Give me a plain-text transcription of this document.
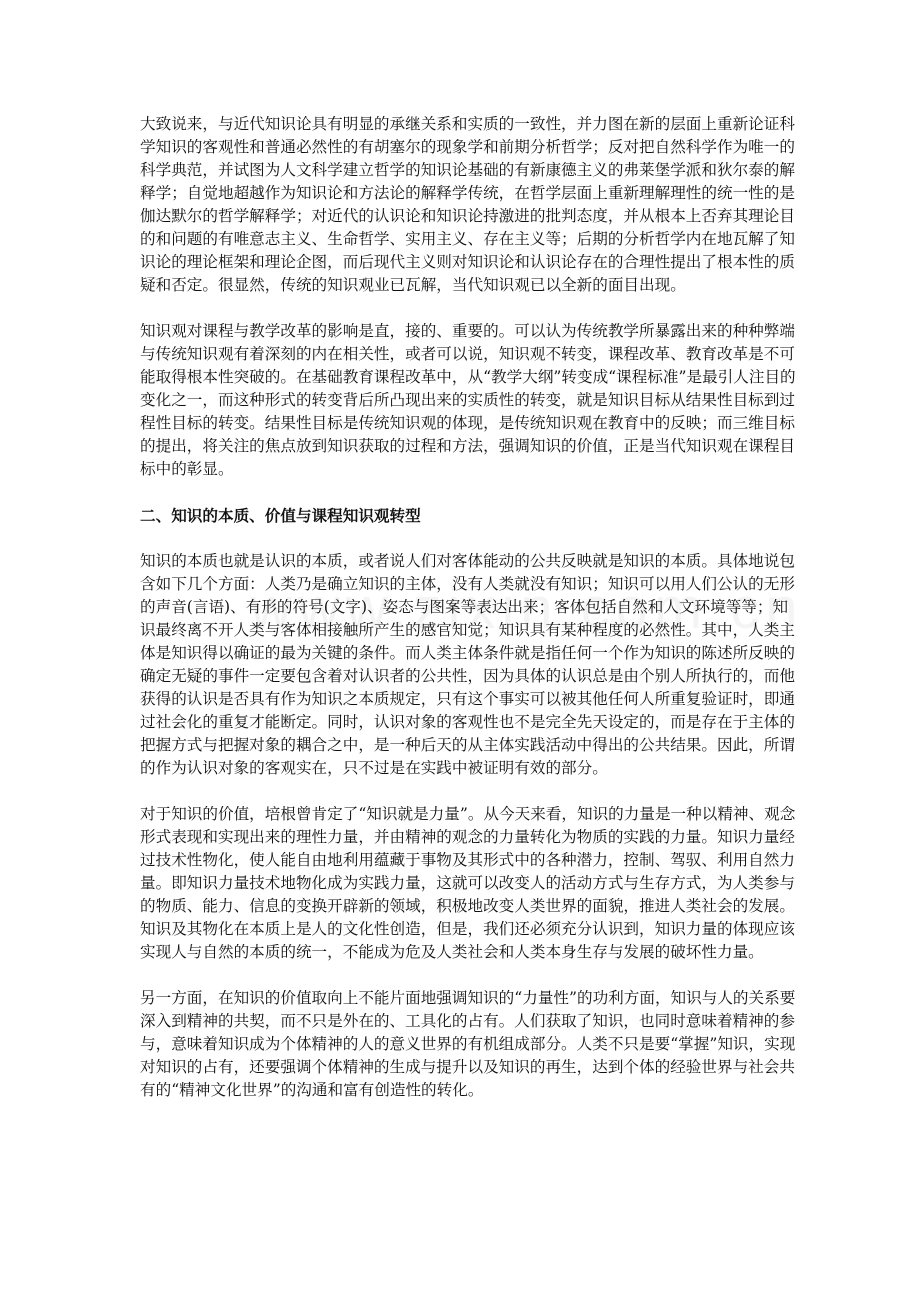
大致说来，与近代知识论具有明显的承继关系和实质的一致性，并力图在新的层面上重新论证科
学知识的客观性和普通必然性的有胡塞尔的现象学和前期分析哲学；反对把自然科学作为唯一的
科学典范，并试图为人文科学建立哲学的知识论基础的有新康德主义的弗莱堡学派和狄尔泰的解
释学；自觉地超越作为知识论和方法论的解释学传统，在哲学层面上重新理解理性的统一性的是
伽达默尔的哲学解释学；对近代的认识论和知识论持激进的批判态度，并从根本上否弃其理论目
的和问题的有唯意志主义、生命哲学、实用主义、存在主义等；后期的分析哲学内在地瓦解了知
识论的理论框架和理论企图，而后现代主义则对知识论和认识论存在的合理性提出了根本性的质
疑和否定。很显然，传统的知识观业已瓦解，当代知识观已以全新的面目出现。
知识观对课程与教学改革的影响是直，接的、重要的。可以认为传统教学所暴露出来的种种弊端
与传统知识观有着深刻的内在相关性，或者可以说，知识观不转变，课程改革、教育改革是不可
能取得根本性突破的。在基础教育课程改革中，从“教学大纲”转变成“课程标准”是最引人注目的
变化之一，而这种形式的转变背后所凸现出来的实质性的转变，就是知识目标从结果性目标到过
程性目标的转变。结果性目标是传统知识观的体现，是传统知识观在教育中的反映；而三维目标
的提出，将关注的焦点放到知识获取的过程和方法，强调知识的价值，正是当代知识观在课程目
标中的彰显。
二、知识的本质、价值与课程知识观转型
知识的本质也就是认识的本质，或者说人们对客体能动的公共反映就是知识的本质。具体地说包
含如下几个方面：人类乃是确立知识的主体，没有人类就没有知识；知识可以用人们公认的无形
的声音(言语)、有形的符号(文字)、姿态与图案等表达出来；客体包括自然和人文环境等等；知
识最终离不开人类与客体相接触所产生的感官知觉；知识具有某种程度的必然性。其中，人类主
体是知识得以确证的最为关键的条件。而人类主体条件就是指任何一个作为知识的陈述所反映的
确定无疑的事件一定要包含着对认识者的公共性，因为具体的认识总是由个别人所执行的，而他
获得的认识是否具有作为知识之本质规定，只有这个事实可以被其他任何人所重复验证时，即通
过社会化的重复才能断定。同时，认识对象的客观性也不是完全先天设定的，而是存在于主体的
把握方式与把握对象的耦合之中，是一种后天的从主体实践活动中得出的公共结果。因此，所谓
的作为认识对象的客观实在，只不过是在实践中被证明有效的部分。
对于知识的价值，培根曾肯定了“知识就是力量”。从今天来看，知识的力量是一种以精神、观念
形式表现和实现出来的理性力量，并由精神的观念的力量转化为物质的实践的力量。知识力量经
过技术性物化，使人能自由地利用蕴藏于事物及其形式中的各种潜力，控制、驾驭、利用自然力
量。即知识力量技术地物化成为实践力量，这就可以改变人的活动方式与生存方式，为人类参与
的物质、能力、信息的变换开辟新的领域，积极地改变人类世界的面貌，推进人类社会的发展。
知识及其物化在本质上是人的文化性创造，但是，我们还必须充分认识到，知识力量的体现应该
实现人与自然的本质的统一，不能成为危及人类社会和人类本身生存与发展的破坏性力量。
另一方面，在知识的价值取向上不能片面地强调知识的“力量性”的功利方面，知识与人的关系要
深入到精神的共契，而不只是外在的、工具化的占有。人们获取了知识，也同时意味着精神的参
与，意味着知识成为个体精神的人的意义世界的有机组成部分。人类不只是要“掌握”知识，实现
对知识的占有，还要强调个体精神的生成与提升以及知识的再生，达到个体的经验世界与社会共
有的“精神文化世界”的沟通和富有创造性的转化。
